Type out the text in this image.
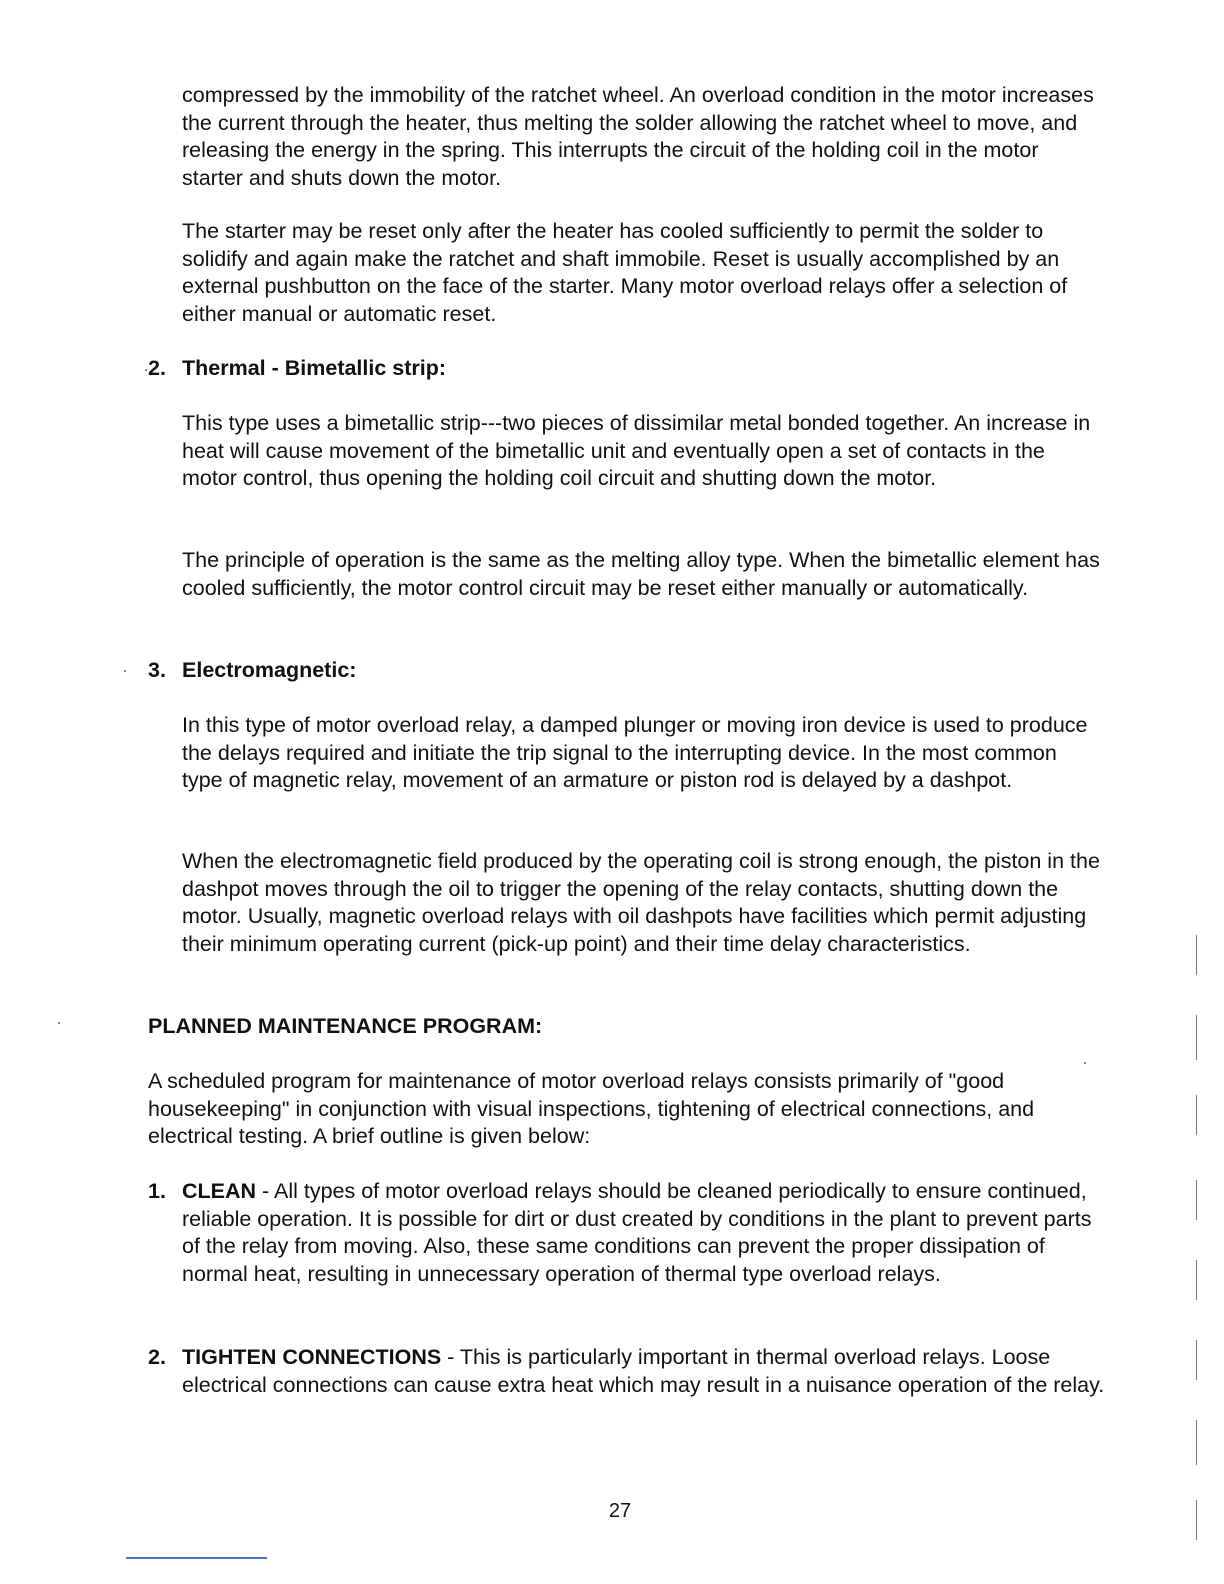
compressed by the immobility of the ratchet wheel. An overload condition in the motor increases the current through the heater, thus melting the solder allowing the ratchet wheel to move, and releasing the energy in the spring. This interrupts the circuit of the holding coil in the motor starter and shuts down the motor.

The starter may be reset only after the heater has cooled sufficiently to permit the solder to solidify and again make the ratchet and shaft immobile. Reset is usually accomplished by an external pushbutton on the face of the starter. Many motor overload relays offer a selection of either manual or automatic reset.

2. Thermal - Bimetallic strip:

This type uses a bimetallic strip---two pieces of dissimilar metal bonded together. An increase in heat will cause movement of the bimetallic unit and eventually open a set of contacts in the motor control, thus opening the holding coil circuit and shutting down the motor.

The principle of operation is the same as the melting alloy type. When the bimetallic element has cooled sufficiently, the motor control circuit may be reset either manually or automatically.

3. Electromagnetic:

In this type of motor overload relay, a damped plunger or moving iron device is used to produce the delays required and initiate the trip signal to the interrupting device. In the most common type of magnetic relay, movement of an armature or piston rod is delayed by a dashpot.

When the electromagnetic field produced by the operating coil is strong enough, the piston in the dashpot moves through the oil to trigger the opening of the relay contacts, shutting down the motor. Usually, magnetic overload relays with oil dashpots have facilities which permit adjusting their minimum operating current (pick-up point) and their time delay characteristics.

PLANNED MAINTENANCE PROGRAM:

A scheduled program for maintenance of motor overload relays consists primarily of "good housekeeping" in conjunction with visual inspections, tightening of electrical connections, and electrical testing. A brief outline is given below:

1. CLEAN - All types of motor overload relays should be cleaned periodically to ensure continued, reliable operation. It is possible for dirt or dust created by conditions in the plant to prevent parts of the relay from moving. Also, these same conditions can prevent the proper dissipation of normal heat, resulting in unnecessary operation of thermal type overload relays.
2. TIGHTEN CONNECTIONS - This is particularly important in thermal overload relays. Loose electrical connections can cause extra heat which may result in a nuisance operation of the relay.
27
